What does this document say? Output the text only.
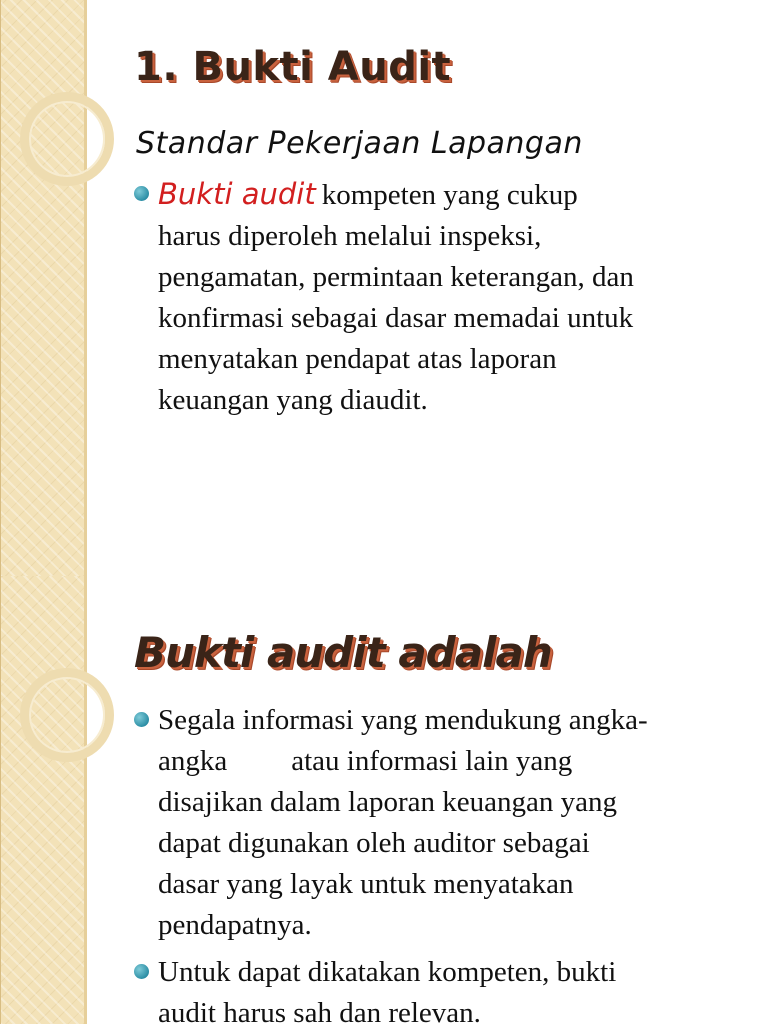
1. Bukti Audit
Standar Pekerjaan Lapangan
Bukti audit kompeten yang cukup
harus diperoleh melalui inspeksi,
pengamatan, permintaan keterangan, dan
konfirmasi sebagai dasar memadai untuk
menyatakan pendapat atas laporan
keuangan yang diaudit.
Bukti audit adalah
Segala informasi yang mendukung angka-
angka atau informasi lain yang
disajikan dalam laporan keuangan yang
dapat digunakan oleh auditor sebagai
dasar yang layak untuk menyatakan
pendapatnya.
Untuk dapat dikatakan kompeten, bukti
audit harus sah dan relevan.
